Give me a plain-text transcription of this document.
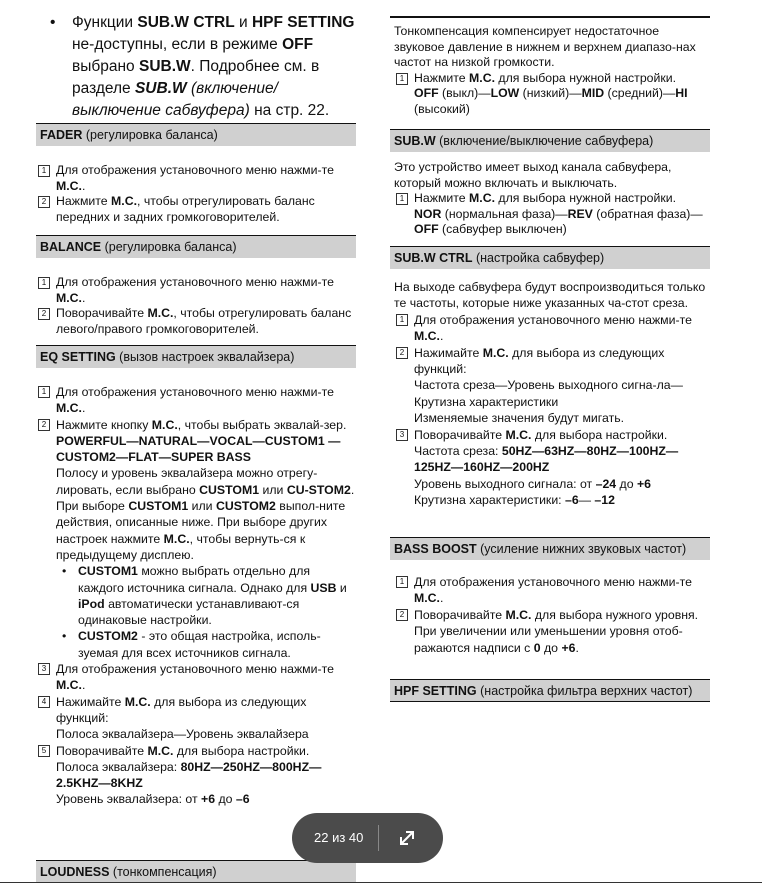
• Функции SUB.W CTRL и HPF SETTING не-доступны, если в режиме OFF выбрано SUB.W. Подробнее см. в разделе SUB.W (включение/выключение сабвуфера) на стр. 22.
FADER (регулировка баланса)
1 Для отображения установочного меню нажми-те M.C..
2 Нажмите M.C., чтобы отрегулировать баланс передних и задних громкоговорителей.
BALANCE (регулировка баланса)
1 Для отображения установочного меню нажми-те M.C..
2 Поворачивайте M.C., чтобы отрегулировать баланс левого/правого громкоговорителей.
EQ SETTING (вызов настроек эквалайзера)
1 Для отображения установочного меню нажми-те M.C..
2 Нажмите кнопку M.C., чтобы выбрать эквалай-зер.
POWERFUL—NATURAL—VOCAL—CUSTOM1 —CUSTOM2—FLAT—SUPER BASS
Полосу и уровень эквалайзера можно отрегу-лировать, если выбрано CUSTOM1 или CU-STOM2.
При выборе CUSTOM1 или CUSTOM2 выпол-ните действия, описанные ниже. При выборе других настроек нажмите M.C., чтобы вернуть-ся к предыдущему дисплею.
• CUSTOM1 можно выбрать отдельно для каждого источника сигнала. Однако для USB и iPod автоматически устанавливают-ся одинаковые настройки.
• CUSTOM2 - это общая настройка, исполь-зуемая для всех источников сигнала.
3 Для отображения установочного меню нажми-те M.C..
4 Нажимайте M.C. для выбора из следующих функций:
Полоса эквалайзера—Уровень эквалайзера
5 Поворачивайте M.C. для выбора настройки.
Полоса эквалайзера: 80HZ—250HZ—800HZ—2.5KHZ—8KHZ
Уровень эквалайзера: от +6 до –6
LOUDNESS (тонкомпенсация)

Тонкомпенсация компенсирует недостаточное звуковое давление в нижнем и верхнем диапазо-нах частот на низкой громкости.

1 Нажмите M.C. для выбора нужной настройки.
OFF (выкл)—LOW (низкий)—MID (средний)—HI (высокий)
SUB.W (включение/выключение сабвуфера)

Это устройство имеет выход канала сабвуфера, который можно включать и выключать.

1 Нажмите M.C. для выбора нужной настройки.
NOR (нормальная фаза)—REV (обратная фаза)—OFF (сабвуфер выключен)
SUB.W CTRL (настройка сабвуфер)

На выходе сабвуфера будут воспроизводиться только те частоты, которые ниже указанных ча-стот среза.

1 Для отображения установочного меню нажми-те M.C..
2 Нажимайте M.C. для выбора из следующих функций:
Частота среза—Уровень выходного сигна-ла—Крутизна характеристики
Изменяемые значения будут мигать.
3 Поворачивайте M.C. для выбора настройки.
Частота среза: 50HZ—63HZ—80HZ—100HZ—125HZ—160HZ—200HZ
Уровень выходного сигнала: от –24 до +6
Крутизна характеристики: –6— –12
BASS BOOST (усиление нижних звуковых частот)
1 Для отображения установочного меню нажми-те M.C..
2 Поворачивайте M.C. для выбора нужного уровня.
При увеличении или уменьшении уровня отоб-ражаются надписи с 0 до +6.
HPF SETTING (настройка фильтра верхних частот)
22 из 40
